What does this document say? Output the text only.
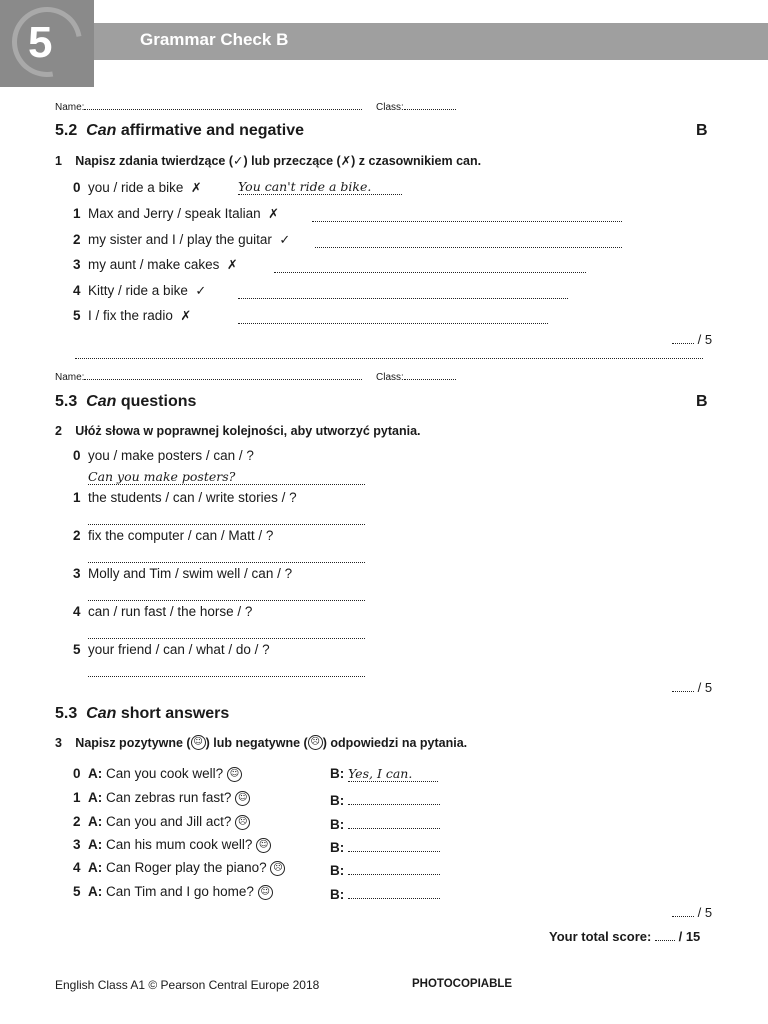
5	Grammar Check B
Name:	Class:
5.2 Can affirmative and negative	B
1 Napisz zdania twierdzące (✓) lub przeczące (✗) z czasownikiem can.
0 you / ride a bike ✗	You can't ride a bike.
1 Max and Jerry / speak Italian ✗
2 my sister and I / play the guitar ✓
3 my aunt / make cakes ✗
4 Kitty / ride a bike ✓
5 I / fix the radio ✗
/ 5
Name:	Class:
5.3 Can questions	B
2 Ułóż słowa w poprawnej kolejności, aby utworzyć pytania.
0 you / make posters / can / ?
Can you make posters?
1 the students / can / write stories / ?
2 fix the computer / can / Matt / ?
3 Molly and Tim / swim well / can / ?
4 can / run fast / the horse / ?
5 your friend / can / what / do / ?
/ 5
5.3 Can short answers
3 Napisz pozytywne ( ☺ ) lub negatywne ( ☹ ) odpowiedzi na pytania.
0 A: Can you cook well? ☺	B: Yes, I can.
1 A: Can zebras run fast? ☺	B:
2 A: Can you and Jill act? ☹	B:
3 A: Can his mum cook well? ☺	B:
4 A: Can Roger play the piano? ☹	B:
5 A: Can Tim and I go home? ☺	B:
/ 5
Your total score: / 15
English Class A1 © Pearson Central Europe 2018	PHOTOCOPIABLE
